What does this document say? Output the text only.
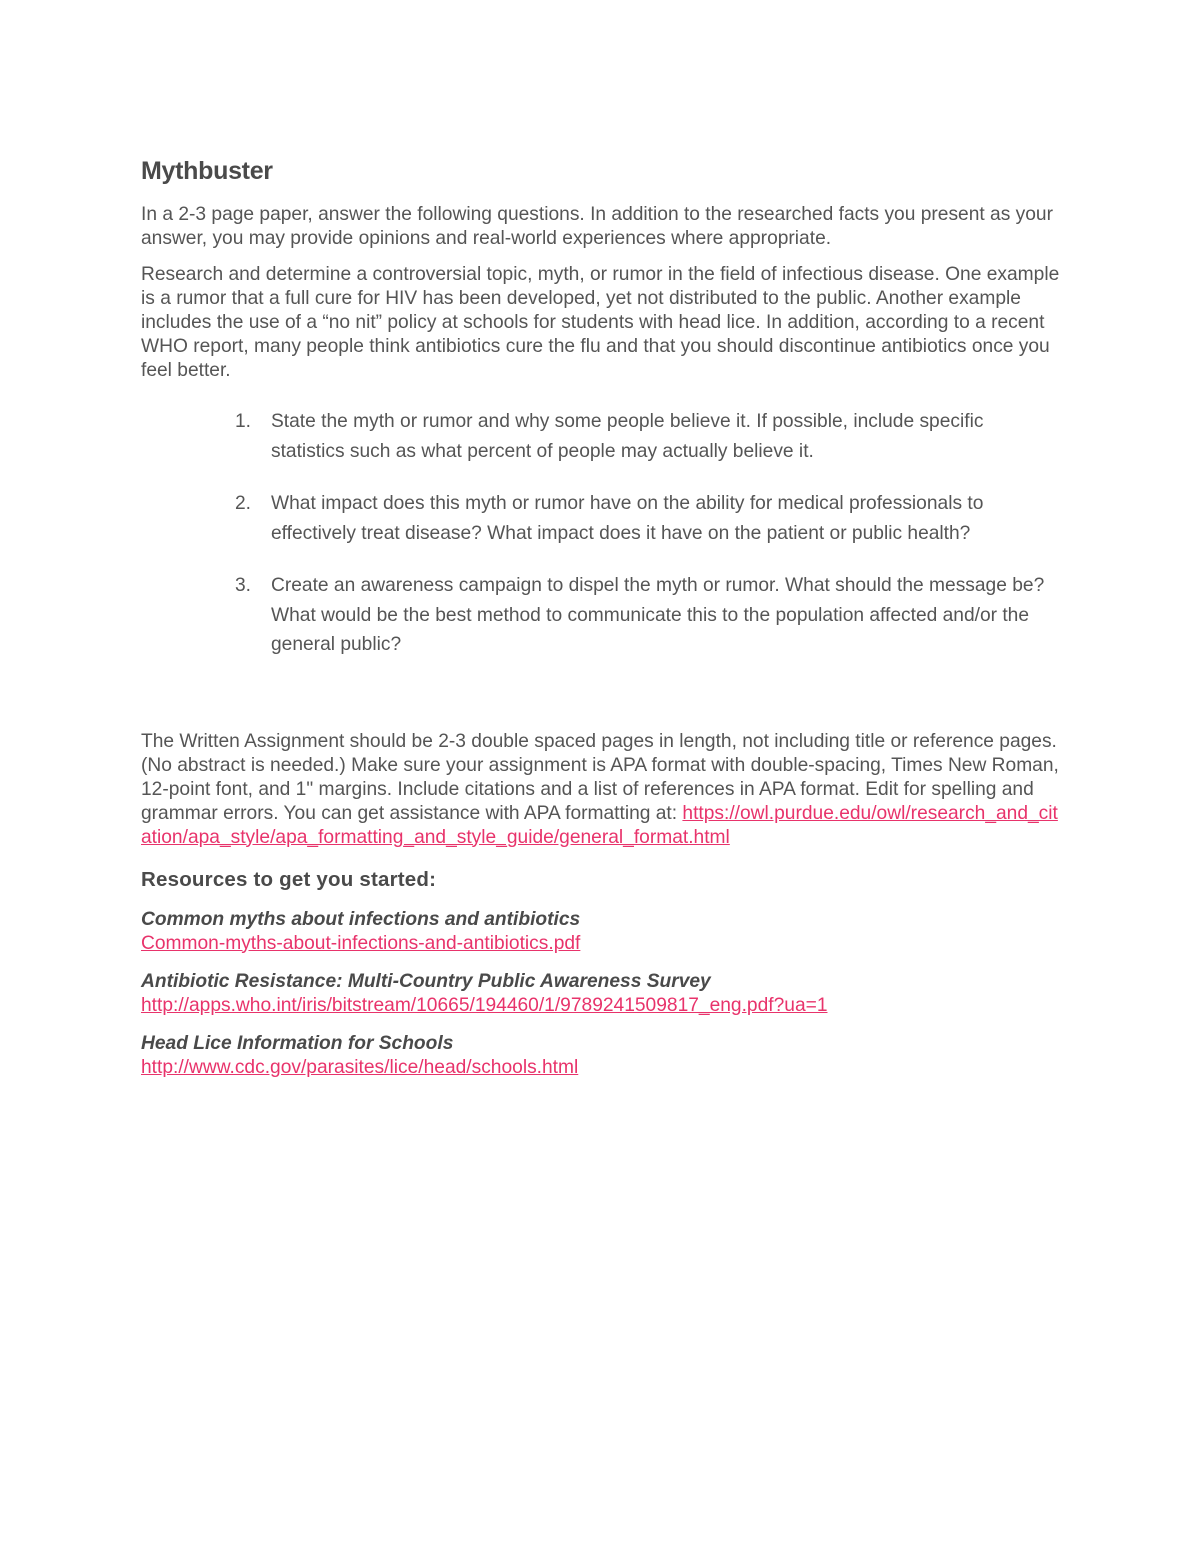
Mythbuster

In a 2-3 page paper, answer the following questions. In addition to the researched facts you present as your answer, you may provide opinions and real-world experiences where appropriate.

Research and determine a controversial topic, myth, or rumor in the field of infectious disease. One example is a rumor that a full cure for HIV has been developed, yet not distributed to the public. Another example includes the use of a “no nit” policy at schools for students with head lice. In addition, according to a recent WHO report, many people think antibiotics cure the flu and that you should discontinue antibiotics once you feel better.

1. State the myth or rumor and why some people believe it. If possible, include specific statistics such as what percent of people may actually believe it.
2. What impact does this myth or rumor have on the ability for medical professionals to effectively treat disease? What impact does it have on the patient or public health?
3. Create an awareness campaign to dispel the myth or rumor. What should the message be? What would be the best method to communicate this to the population affected and/or the general public?

The Written Assignment should be 2-3 double spaced pages in length, not including title or reference pages. (No abstract is needed.) Make sure your assignment is APA format with double-spacing, Times New Roman, 12-point font, and 1" margins. Include citations and a list of references in APA format. Edit for spelling and grammar errors. You can get assistance with APA formatting at: https://owl.purdue.edu/owl/research_and_citation/apa_style/apa_formatting_and_style_guide/general_format.html

Resources to get you started:
Common myths about infections and antibiotics
Common-myths-about-infections-and-antibiotics.pdf
Antibiotic Resistance: Multi-Country Public Awareness Survey
http://apps.who.int/iris/bitstream/10665/194460/1/9789241509817_eng.pdf?ua=1
Head Lice Information for Schools
http://www.cdc.gov/parasites/lice/head/schools.html
